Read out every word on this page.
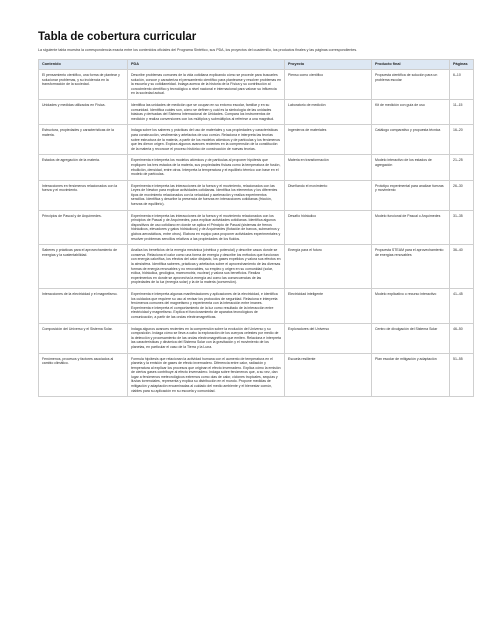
Tabla de cobertura curricular

La siguiente tabla muestra la correspondencia exacta entre los contenidos oficiales del Programa Sintético, sus PDA, los proyectos del cuadernillo, los productos finales y las páginas correspondientes.

Contenido	PDA	Proyecto	Producto final	Páginas
El pensamiento científico, una forma de plantear y solucionar problemas, y su incidencia en la transformación de la sociedad.	Describe problemas comunes de la vida cotidiana explicando cómo se procede para buscarles solución, conoce y caracteriza el pensamiento científico para plantearse y resolver problemas en la escuela y su cotidianeidad. Indaga acerca de la historia de la Física y su contribución al conocimiento científico y tecnológico a nivel nacional e internacional para valorar su influencia en la sociedad actual.	Pienso como científico	Propuesta científica de solución para un problema escolar	6–10
Unidades y medidas utilizados en Física.	Identifica las unidades de medición que se ocupan en su entorno escolar, familiar y en su comunidad. Identifica cuáles son, cómo se definen y cuál es la simbología de las unidades básicas y derivadas del Sistema Internacional de Unidades. Compara los instrumentos de medición y realiza conversiones con los múltiplos y submúltiplos al referirse a una magnitud.	Laboratorio de medición	Kit de medición con guía de uso	11–15
Estructura, propiedades y características de la materia.	Indaga sobre los saberes y prácticas del uso de materiales y sus propiedades y características para construcción, vestimenta y artefactos de uso común. Relaciona e interpreta las teorías sobre estructura de la materia, a partir de los modelos atómicos y de partículas y los fenómenos que les dieron origen. Explora algunos avances recientes en la comprensión de la constitución de la materia y reconoce el proceso histórico de construcción de nuevas teorías.	Ingenieros de materiales	Catálogo comparativo y propuesta técnica	16–20
Estados de agregación de la materia.	Experimenta e interpreta los modelos atómicos y de partículas al proponer hipótesis que expliquen los tres estados de la materia, sus propiedades físicas como la temperatura de fusión, ebullición, densidad, entre otros. Interpreta la temperatura y el equilibrio térmico con base en el modelo de partículas.	Materia en transformación	Modelo interactivo de los estados de agregación	21–25
Interacciones en fenómenos relacionados con la fuerza y el movimiento.	Experimenta e interpreta las interacciones de la fuerza y el movimiento, relacionados con las Leyes de Newton para explicar actividades cotidianas. Identifica los elementos y los diferentes tipos de movimiento relacionados con la velocidad y aceleración y realiza experimentos sencillos. Identifica y describe la presencia de fuerzas en interacciones cotidianas (fricción, fuerzas de equilibrio).	Diseñando el movimiento	Prototipo experimental para analizar fuerzas y movimiento	26–30
Principios de Pascal y de Arquímedes.	Experimenta e interpreta las interacciones de la fuerza y el movimiento relacionados con los principios de Pascal y de Arquímedes, para explicar actividades cotidianas. Identifica algunos dispositivos de uso cotidiano en donde se aplica el Principio de Pascal (sistemas de frenos hidráulicos, elevadores y gatos hidráulicos) y de Arquímedes (flotación de barcos, submarinos y globos aerostáticos, entre otros). Elabora en equipo para proponer actividades experimentales y resolver problemas sencillos relativos a las propiedades de los fluidos.	Desafío hidráulico	Modelo funcional de Pascal o Arquímedes	31–35
Saberes y prácticas para el aprovechamiento de energías y la sustentabilidad.	Analiza los beneficios de la energía mecánica (cinética y potencial) y describe casos donde se conserva. Relaciona el calor como una forma de energía y describe los métodos que funcionan con energía calorífica, los efectos del calor disipado, los gases expelidos y valora sus efectos en la atmósfera. Identifica saberes, prácticas y artefactos sobre el aprovechamiento de las diversas formas de energía renovables y no renovables, su empleo y origen en su comunidad (solar, eólica, hidráulica, geológica, mareomotriz, nuclear) y valora sus beneficios. Realiza experimentos en donde se aprovecha la energía así como las consecuencias de las propiedades de la luz (energía solar) y la de la materia (conversión).	Energía para el futuro	Propuesta STEAM para el aprovechamiento de energías renovables	36–40
Interacciones de la electricidad y el magnetismo.	Experimenta e interpreta algunas manifestaciones y aplicaciones de la electricidad, e identifica los cuidados que requiere su uso al revisar los protocolos de seguridad. Relaciona e interpreta fenómenos comunes del magnetismo y experimenta con la interacción entre imanes. Experimenta e interpreta el comportamiento de la luz como resultado de la interacción entre electricidad y magnetismo. Explica el funcionamiento de aparatos tecnológicos de comunicación, a partir de las ondas electromagnéticas.	Electricidad inteligente	Modelo explicativo o recurso interactivo	41–45
Composición del Universo y el Sistema Solar.	Indaga algunos avances recientes en la comprensión sobre la evolución del Universo y su composición. Indaga cómo se lleva a cabo la exploración de los cuerpos celestes por medio de la detección y procesamiento de las ondas electromagnéticas que emiten. Relaciona e interpreta las características y dinámica del Sistema Solar con la gravitación y el movimiento de los planetas, en particular el caso de la Tierra y la Luna.	Exploradores del Universo	Centro de divulgación del Sistema Solar	46–50
Fenómenos, procesos y factores asociados al cambio climático.	Formula hipótesis que relacionan la actividad humana con el aumento de temperatura en el planeta y la emisión de gases de efecto invernadero. Diferencia entre calor, radiación y temperatura al explicar los procesos que originan el efecto invernadero. Explica cómo la emisión de ciertos gases contribuye al efecto invernadero. Indaga sobre fenómenos que, a su vez, dan lugar a fenómenos meteorológicos extremos como olas de calor, ciclones tropicales, sequías y lluvias torrenciales, representa y explica su distribución en el mundo. Propone medidas de mitigación y adaptación encaminadas al cuidado del medio ambiente y el bienestar común, viables para su aplicación en su escuela y comunidad.	Escuela resiliente	Plan escolar de mitigación y adaptación	51–55
